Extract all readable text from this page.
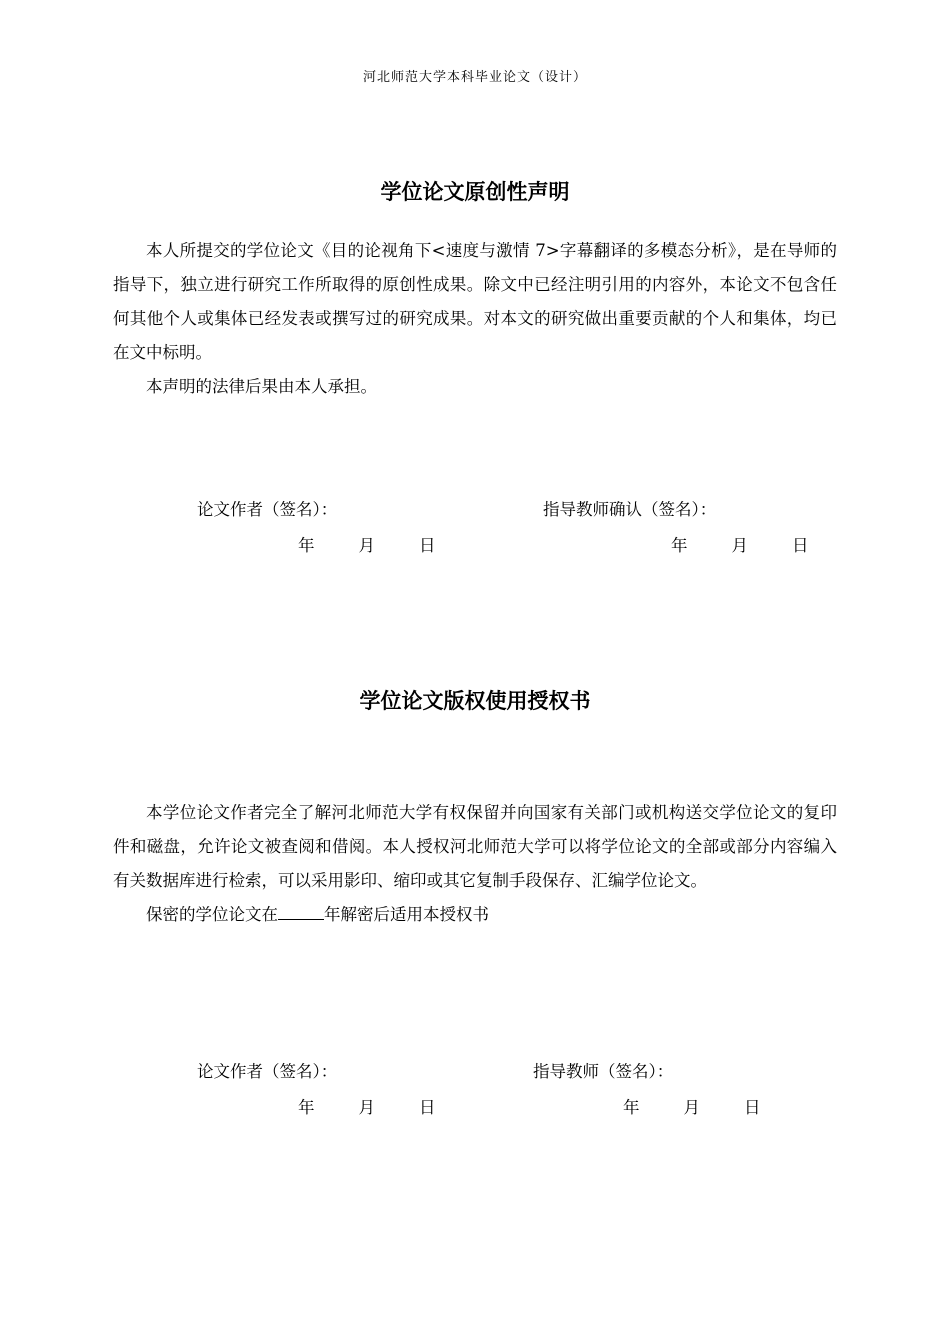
河北师范大学本科毕业论文（设计）
学位论文原创性声明

本人所提交的学位论文《目的论视角下<速度与激情 7>字幕翻译的多模态分析》，是在导师的指导下，独立进行研究工作所取得的原创性成果。除文中已经注明引用的内容外，本论文不包含任何其他个人或集体已经发表或撰写过的研究成果。对本文的研究做出重要贡献的个人和集体，均已在文中标明。

本声明的法律后果由本人承担。

论文作者（签名）：	指导教师确认（签名）：
年	月	日	年	月	日
学位论文版权使用授权书

本学位论文作者完全了解河北师范大学有权保留并向国家有关部门或机构送交学位论文的复印件和磁盘，允许论文被查阅和借阅。本人授权河北师范大学可以将学位论文的全部或部分内容编入有关数据库进行检索，可以采用影印、缩印或其它复制手段保存、汇编学位论文。

保密的学位论文在	年解密后适用本授权书

论文作者（签名）：	指导教师（签名）：
年	月	日	年	月	日
